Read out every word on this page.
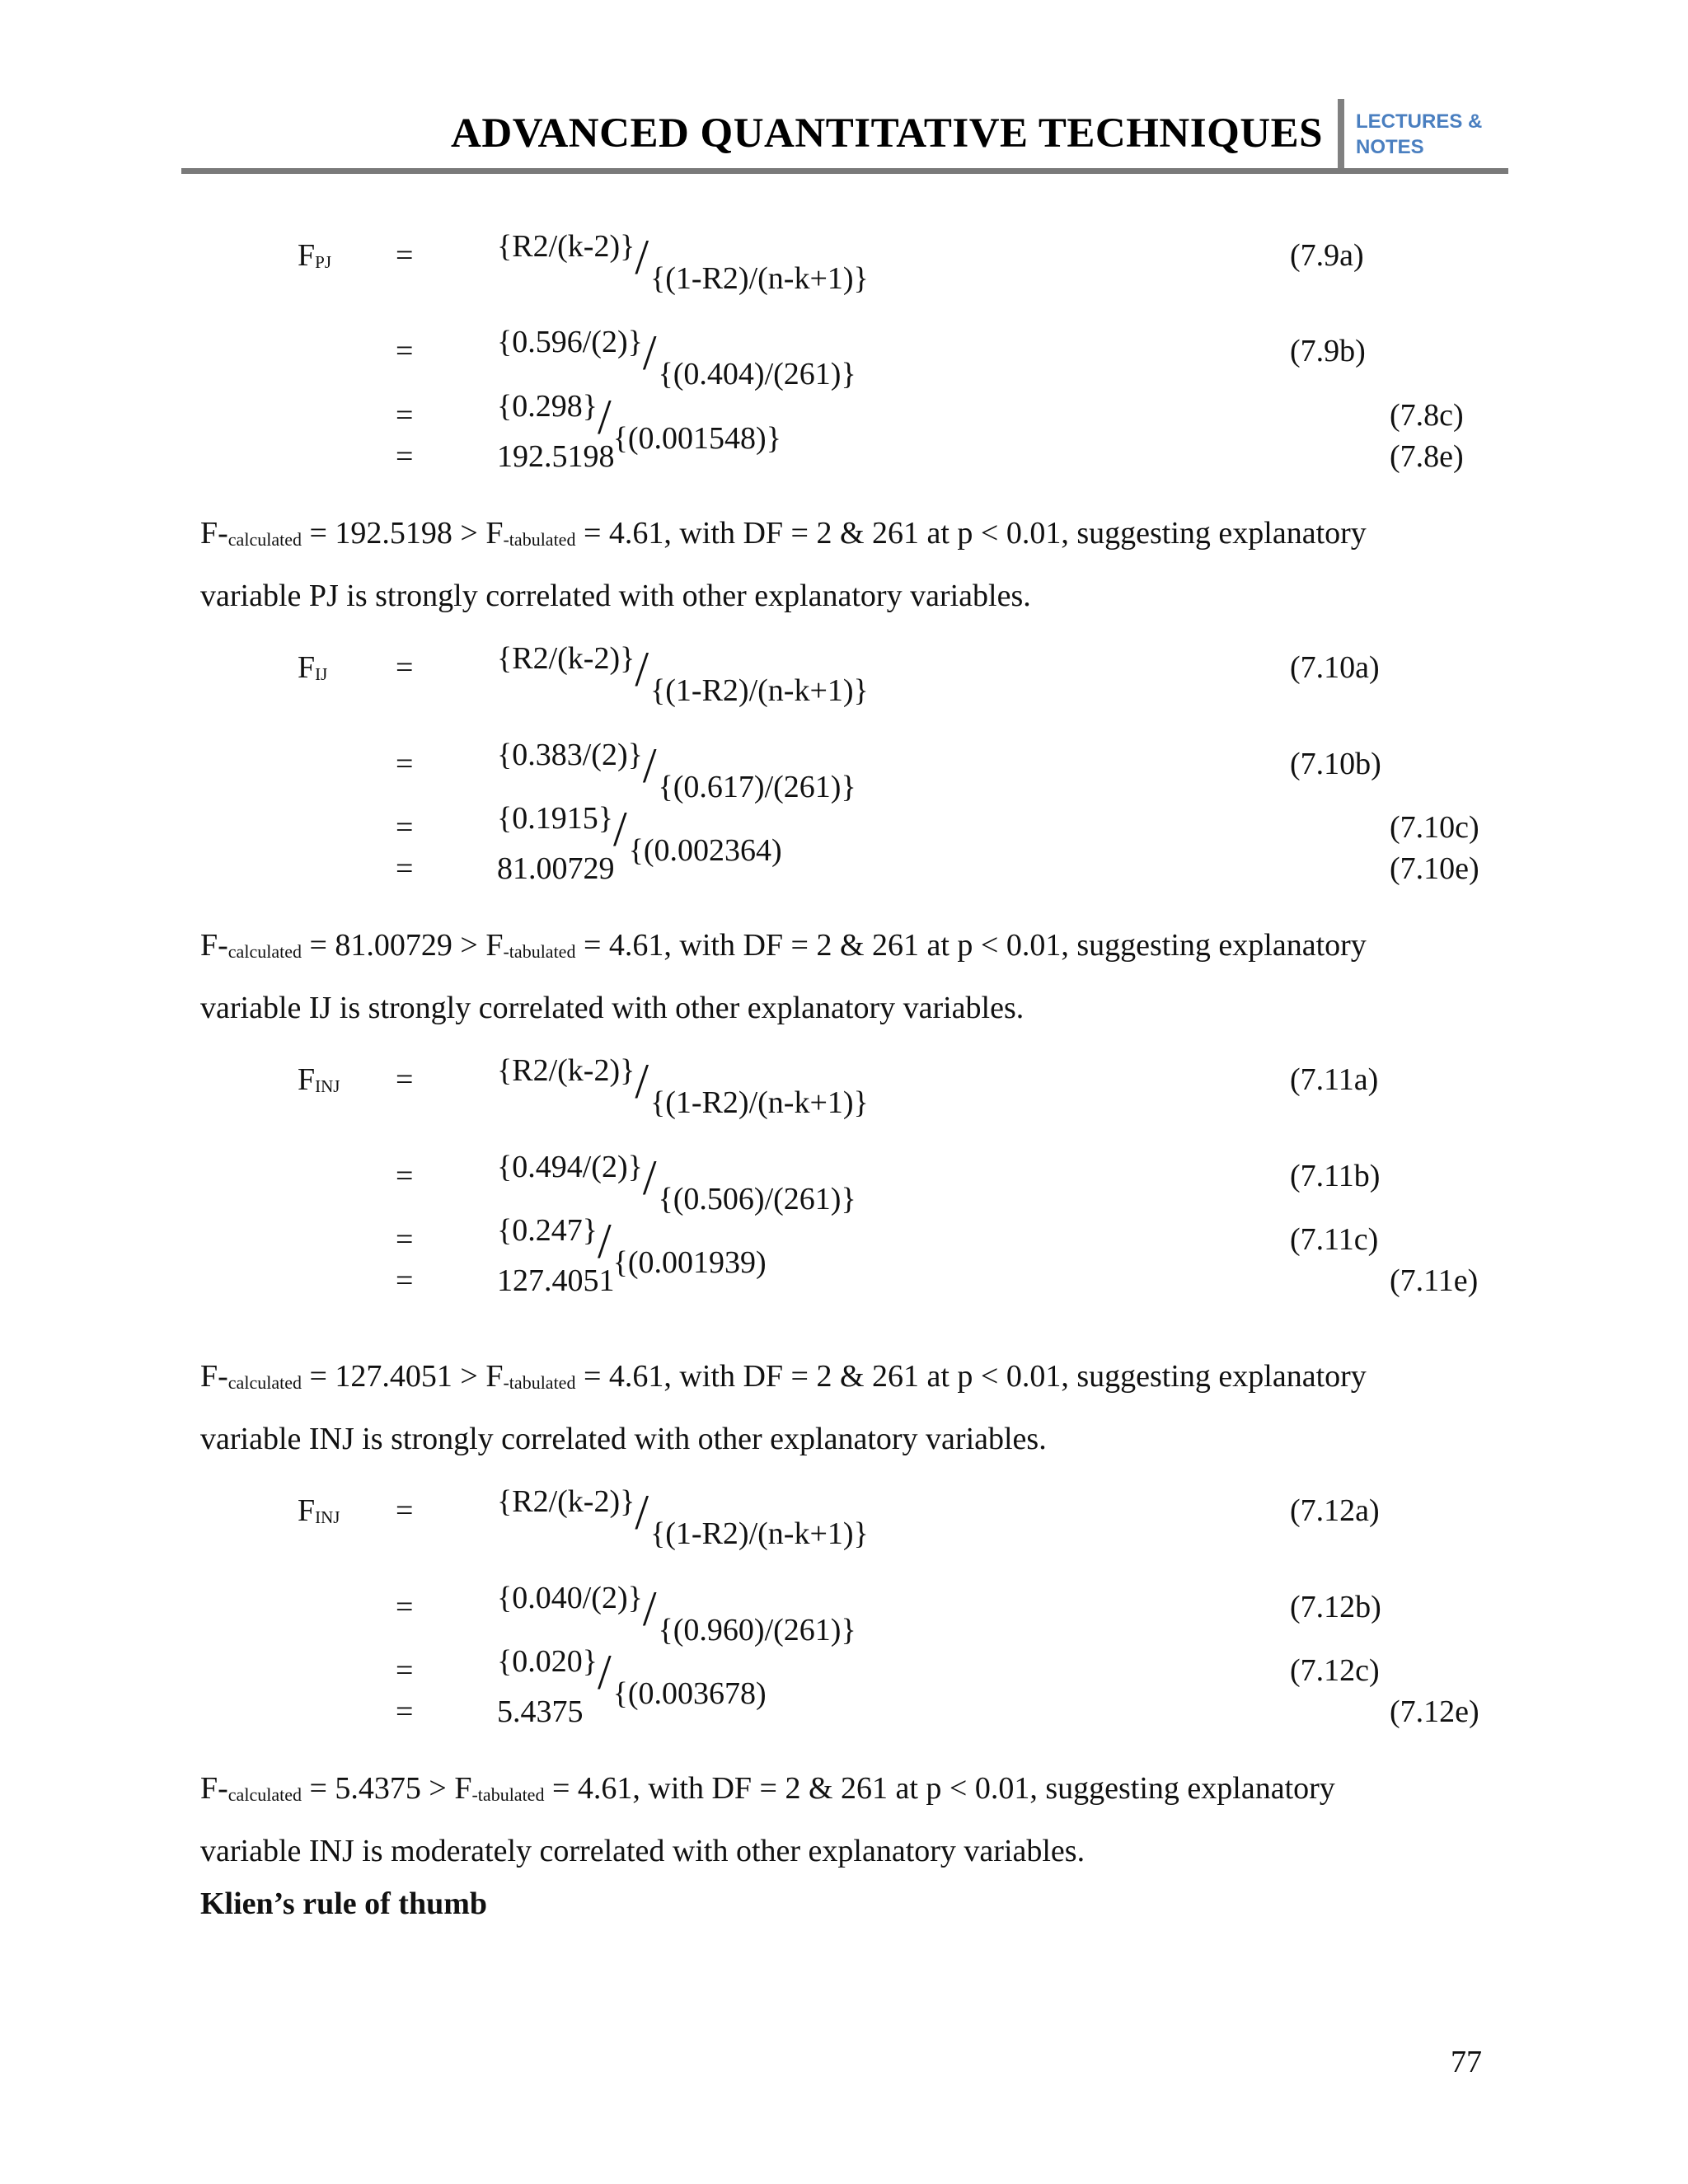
ADVANCED QUANTITATIVE TECHNIQUES LECTURES &
NOTES
$F_{PJ}$ =	{R2/(k-2)}/{(1-R2)/(n-k+1)}
(7.9a)
=	{0.596/(2)}/{(0.404)/(261)}
(7.9b)
=	{0.298}/{(0.001548)}
(7.8c)
=	192.5198	(7.8e)
$F-_{calculated} = 192.5198 > F_{-tabulated} = 4.61$, with DF = 2 & 261 at p < 0.01, suggesting explanatory
variable PJ is strongly correlated with other explanatory variables.
$F_{IJ}$ =	{R2/(k-2)}/{(1-R2)/(n-k+1)}
(7.10a)
=	{0.383/(2)}/{(0.617)/(261)}
(7.10b)
=	{0.1915}/{(0.002364)
(7.10c)
=	81.00729	(7.10e)
$F-_{calculated} = 81.00729 > F_{-tabulated} = 4.61$, with DF = 2 & 261 at p < 0.01, suggesting explanatory
variable IJ is strongly correlated with other explanatory variables.
$F_{INJ}$ =	{R2/(k-2)}/{(1-R2)/(n-k+1)}
(7.11a)
=	{0.494/(2)}/{(0.506)/(261)}
(7.11b)
=	{0.247}/{(0.001939)
(7.11c)
=	127.4051	(7.11e)
$F-_{calculated} = 127.4051 > F_{-tabulated} = 4.61$, with DF = 2 & 261 at p < 0.01, suggesting explanatory
variable INJ is strongly correlated with other explanatory variables.
$F_{INJ}$ =	{R2/(k-2)}/{(1-R2)/(n-k+1)}
(7.12a)
=	{0.040/(2)}/{(0.960)/(261)}
(7.12b)
=	{0.020}/{(0.003678)
(7.12c)
=	5.4375	(7.12e)
$F-_{calculated} = 5.4375 > F_{-tabulated} = 4.61$, with DF = 2 & 261 at p < 0.01, suggesting explanatory
variable INJ is moderately correlated with other explanatory variables.
Klien’s rule of thumb
77
